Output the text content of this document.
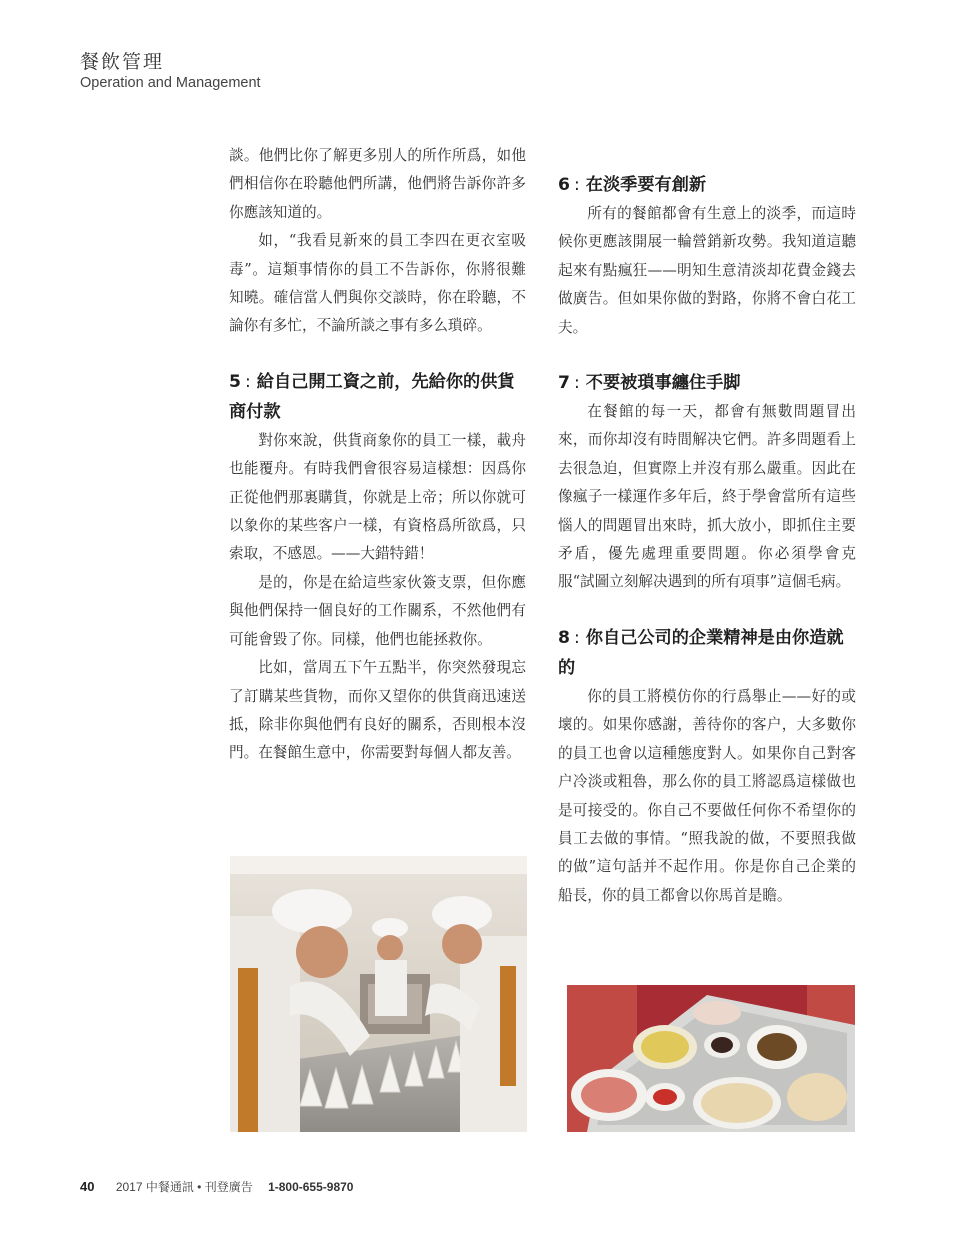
餐飲管理
Operation and Management

談。他們比你了解更多別人的所作所爲，如他們相信你在聆聽他們所講，他們將告訴你許多你應該知道的。

如，“我看見新來的員工李四在更衣室吸毒”。這類事情你的員工不告訴你，你將很難知曉。確信當人們與你交談時，你在聆聽，不論你有多忙，不論所談之事有多么瑣碎。

5 : 給自己開工資之前，先給你的供貨商付款

對你來說，供貨商象你的員工一樣，載舟也能覆舟。有時我們會很容易這樣想：因爲你正從他們那裏購貨，你就是上帝；所以你就可以象你的某些客户一樣，有資格爲所欲爲，只索取，不感恩。——大錯特錯！

是的，你是在給這些家伙簽支票，但你應與他們保持一個良好的工作關系，不然他們有可能會毀了你。同樣，他們也能拯救你。

比如，當周五下午五點半，你突然發現忘了訂購某些貨物，而你又望你的供貨商迅速送抵，除非你與他們有良好的關系，否則根本沒門。在餐館生意中，你需要對每個人都友善。

6 : 在淡季要有創新

所有的餐館都會有生意上的淡季，而這時候你更應該開展一輪營銷新攻勢。我知道這聽起來有點瘋狂——明知生意清淡却花費金錢去做廣告。但如果你做的對路，你將不會白花工夫。

7 : 不要被瑣事纏住手脚

在餐館的每一天，都會有無數問題冒出來，而你却沒有時間解决它們。許多問題看上去很急迫，但實際上并沒有那么嚴重。因此在像瘋子一樣運作多年后，終于學會當所有這些惱人的問題冒出來時，抓大放小，即抓住主要矛盾，優先處理重要問題。你必須學會克服“試圖立刻解决遇到的所有項事”這個毛病。

8 : 你自己公司的企業精神是由你造就的

你的員工將模仿你的行爲舉止——好的或壞的。如果你感謝，善待你的客户，大多數你的員工也會以這種態度對人。如果你自己對客户冷淡或粗魯，那么你的員工將認爲這樣做也是可接受的。你自己不要做任何你不希望你的員工去做的事情。“照我說的做，不要照我做的做”這句話并不起作用。你是你自己企業的船長，你的員工都會以你馬首是瞻。

40 2017 中餐通訊 • 刊登廣告 1-800-655-9870
